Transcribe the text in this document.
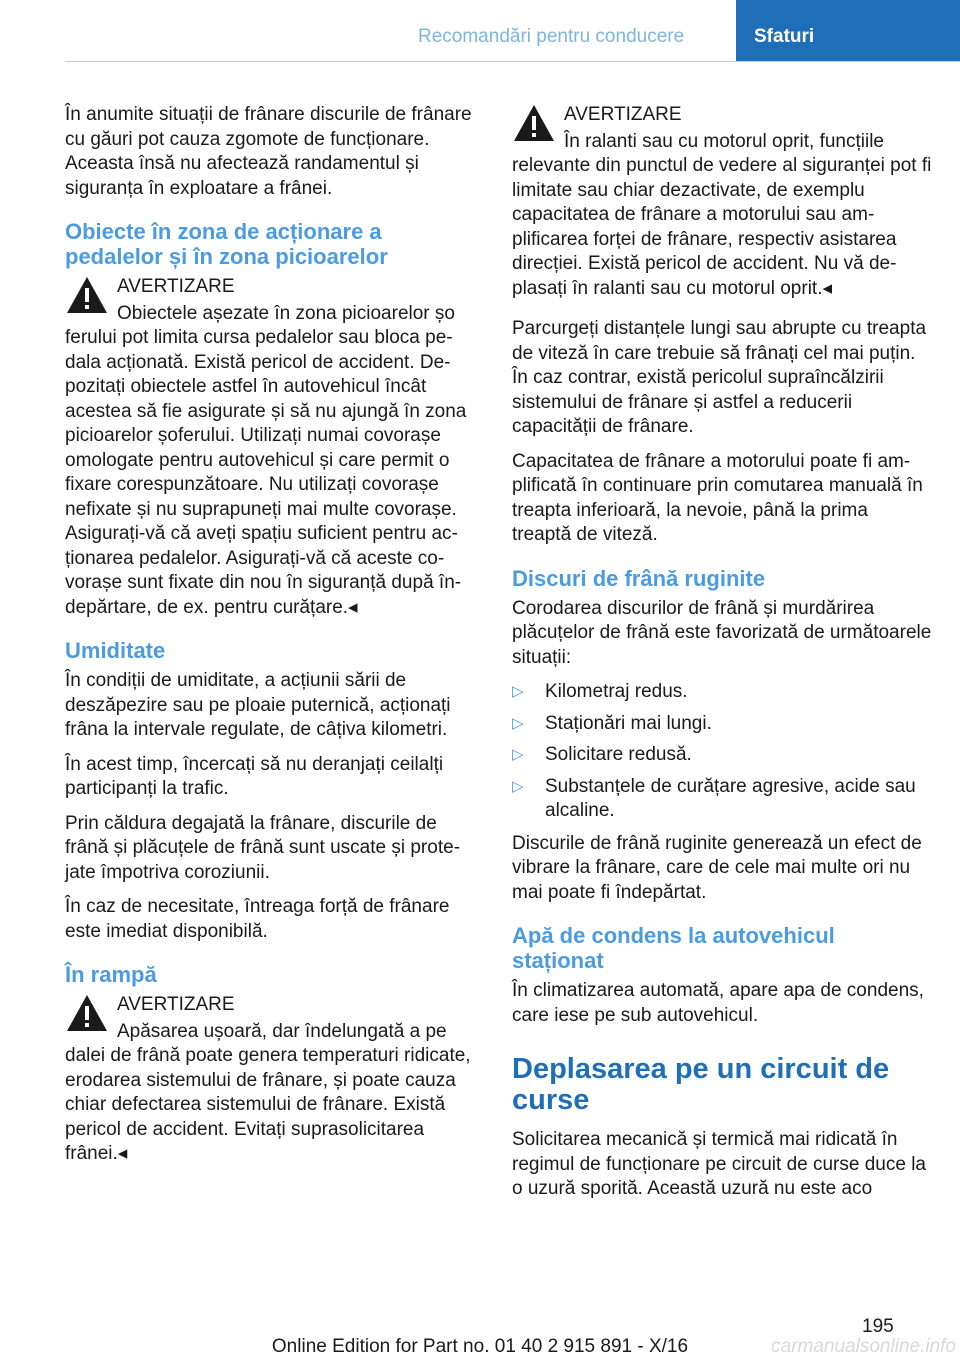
Recomandări pentru conducere	Sfaturi

În anumite situații de frânare discurile de frânare cu găuri pot cauza zgomote de funcționare. Aceasta însă nu afectează randamentul și siguranța în exploatare a frânei.

Obiecte în zona de acționare a pedalelor și în zona picioarelor

AVERTIZARE

Obiectele așezate în zona picioarelor șo

ferului pot limita cursa pedalelor sau bloca pedala acționată. Există pericol de accident. Depozitați obiectele astfel în autovehicul încât acestea să fie asigurate și să nu ajungă în zona picioarelor șoferului. Utilizați numai covorașe omologate pentru autovehicul și care permit o fixare corespunzătoare. Nu utilizați covorașe nefixate și nu suprapuneți mai multe covorașe. Asigurați-vă că aveți spațiu suficient pentru acționarea pedalelor. Asigurați-vă că aceste covorașe sunt fixate din nou în siguranță după îndepărtare, de ex. pentru curățare.◂

Umiditate

În condiții de umiditate, a acțiunii sării de deszăpezire sau pe ploaie puternică, acționați frâna la intervale regulate, de câțiva kilometri.

În acest timp, încercați să nu deranjați ceilalți participanți la trafic.

Prin căldura degajată la frânare, discurile de frână și plăcuțele de frână sunt uscate și protejate împotriva coroziunii.

În caz de necesitate, întreaga forță de frânare este imediat disponibilă.

În rampă

AVERTIZARE

Apăsarea ușoară, dar îndelungată a pe

dalei de frână poate genera temperaturi ridicate, erodarea sistemului de frânare, și poate cauza chiar defectarea sistemului de frânare. Există pericol de accident. Evitați suprasolicitarea frânei.◂

AVERTIZARE

În ralanti sau cu motorul oprit, funcțiile

relevante din punctul de vedere al siguranței pot fi limitate sau chiar dezactivate, de exemplu capacitatea de frânare a motorului sau amplificarea forței de frânare, respectiv asistarea direcției. Există pericol de accident. Nu vă deplasați în ralanti sau cu motorul oprit.◂

Parcurgeți distanțele lungi sau abrupte cu treapta de viteză în care trebuie să frânați cel mai puțin. În caz contrar, există pericolul supraîncălzirii sistemului de frânare și astfel a reducerii capacității de frânare.

Capacitatea de frânare a motorului poate fi amplificată în continuare prin comutarea manuală în treapta inferioară, la nevoie, până la prima treaptă de viteză.

Discuri de frână ruginite

Corodarea discurilor de frână și murdărirea plăcuțelor de frână este favorizată de următoarele situații:

▷ Kilometraj redus.
▷ Staționări mai lungi.
▷ Solicitare redusă.
▷ Substanțele de curățare agresive, acide sau alcaline.

Discurile de frână ruginite generează un efect de vibrare la frânare, care de cele mai multe ori nu mai poate fi îndepărtat.

Apă de condens la autovehicul staționat

În climatizarea automată, apare apa de condens, care iese pe sub autovehicul.

Deplasarea pe un circuit de curse

Solicitarea mecanică și termică mai ridicată în regimul de funcționare pe circuit de curse duce la o uzură sporită. Această uzură nu este aco

195
Online Edition for Part no. 01 40 2 915 891 - X/16	carmanualsonline.info
